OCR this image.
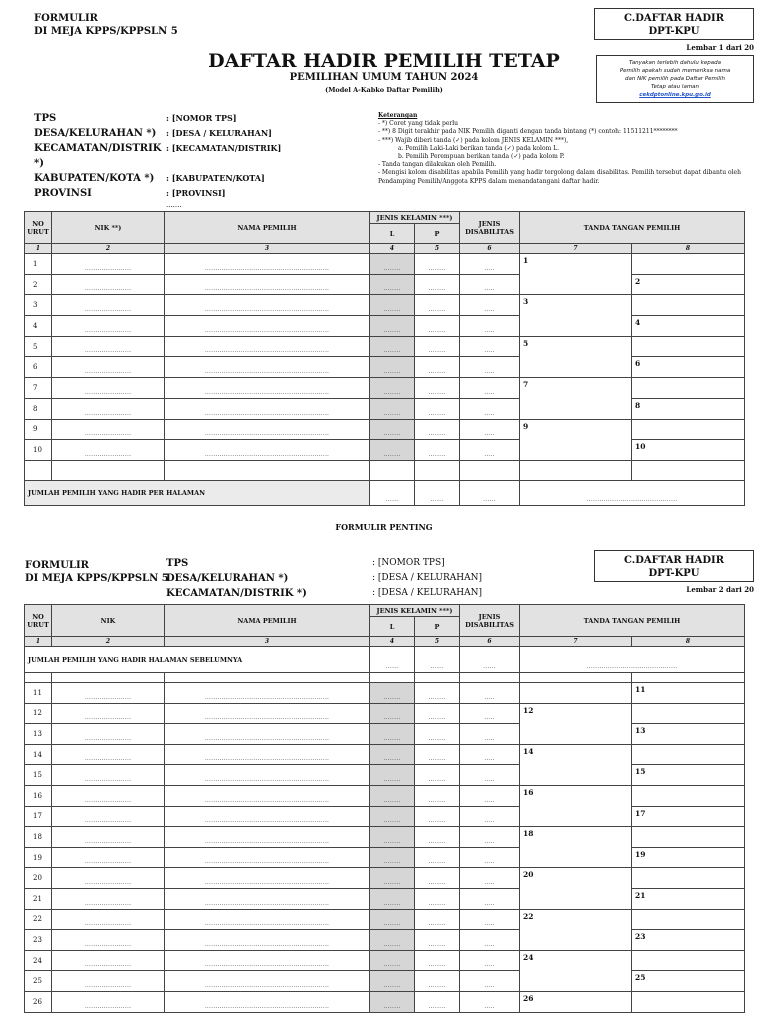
FORMULIR
DI MEJA KPPS/KPPSLN 5
C.DAFTAR HADIR
DPT-KPU
Lembar 1 dari 20
DAFTAR HADIR PEMILIH TETAP
PEMILIHAN UMUM TAHUN 2024
(Model A-Kabko Daftar Pemilih)
Tanyakan terlebih dahulu kepada
Pemilih apakah sudah memeriksa nama
dan NIK pemilih pada Daftar Pemilih
Tetap atau laman
cekdptonline.kpu.go.id
TPS	: [NOMOR TPS]
DESA/KELURAHAN *)	: [DESA / KELURAHAN]
KECAMATAN/DISTRIK *)
: [KECAMATAN/DISTRIK]
KABUPATEN/KOTA *)	: [KABUPATEN/KOTA]
PROVINSI	: [PROVINSI]
.......
Keterangan
- *) Coret yang tidak perlu
- **) 8 Digit terakhir pada NIK Pemilih diganti dengan tanda bintang (*) contoh: 11511211********
- ***) Wajib diberi tanda (✓) pada kolom JENIS KELAMIN ***),
a. Pemilih Laki-Laki berikan tanda (✓) pada kolom L.
b. Pemilih Perempuan berikan tanda (✓) pada kolom P.
- Tanda tangan dilakukan oleh Pemilih.
- Mengisi kolom disabilitas apabila Pemilih yang hadir tergolong dalam disabilitas. Pemilih tersebut dapat dibantu oleh Pendamping Pemilih/Anggota KPPS dalam menandatangani daftar hadir.
NO URUT	NIK **)	NAMA PEMILIH	JENIS KELAMIN ***)		JENIS DISABILITAS	TANDA TANGAN PEMILIH	
			L	P			
1	2	3	4	5	6	7	8
1	......................	...........................................................	........	........	.....	1	
2	......................	...........................................................	........	........	.....		2
3	......................	...........................................................	........	........	.....	3	
4	......................	...........................................................	........	........	.....		4
5	......................	...........................................................	........	........	.....	5	
6	......................	...........................................................	........	........	.....		6
7	......................	...........................................................	........	........	.....	7	
8	......................	...........................................................	........	........	.....		8
9	......................	...........................................................	........	........	.....	9	
10	......................	...........................................................	........	........	.....		10

JUMLAH PEMILIH YANG HADIR PER HALAMAN			......	......	......	...........................................	
FORMULIR PENTING
FORMULIR
DI MEJA KPPS/KPPSLN 5
TPS	: [NOMOR TPS]
DESA/KELURAHAN *)	: [DESA / KELURAHAN]
KECAMATAN/DISTRIK *)	: [DESA / KELURAHAN]
C.DAFTAR HADIR
DPT-KPU
Lembar 2 dari 20
NO URUT	NIK	NAMA PEMILIH	JENIS KELAMIN ***)		JENIS DISABILITAS	TANDA TANGAN PEMILIH	
			L	P			
1	2	3	4	5	6	7	8
JUMLAH PEMILIH YANG HADIR HALAMAN SEBELUMNYA			......	......	......	...........................................	

11	......................	...........................................................	........	........	.....		11
12	......................	...........................................................	........	........	.....	12	
13	......................	...........................................................	........	........	.....		13
14	......................	...........................................................	........	........	.....	14	
15	......................	...........................................................	........	........	.....		15
16	......................	...........................................................	........	........	.....	16	
17	......................	...........................................................	........	........	.....		17
18	......................	...........................................................	........	........	.....	18	
19	......................	...........................................................	........	........	.....		19
20	......................	...........................................................	........	........	.....	20	
21	......................	...........................................................	........	........	.....		21
22	......................	...........................................................	........	........	.....	22	
23	......................	...........................................................	........	........	.....		23
24	......................	...........................................................	........	........	.....	24	
25	......................	...........................................................	........	........	.....		25
26	......................	...........................................................	........	........	.....	26	
